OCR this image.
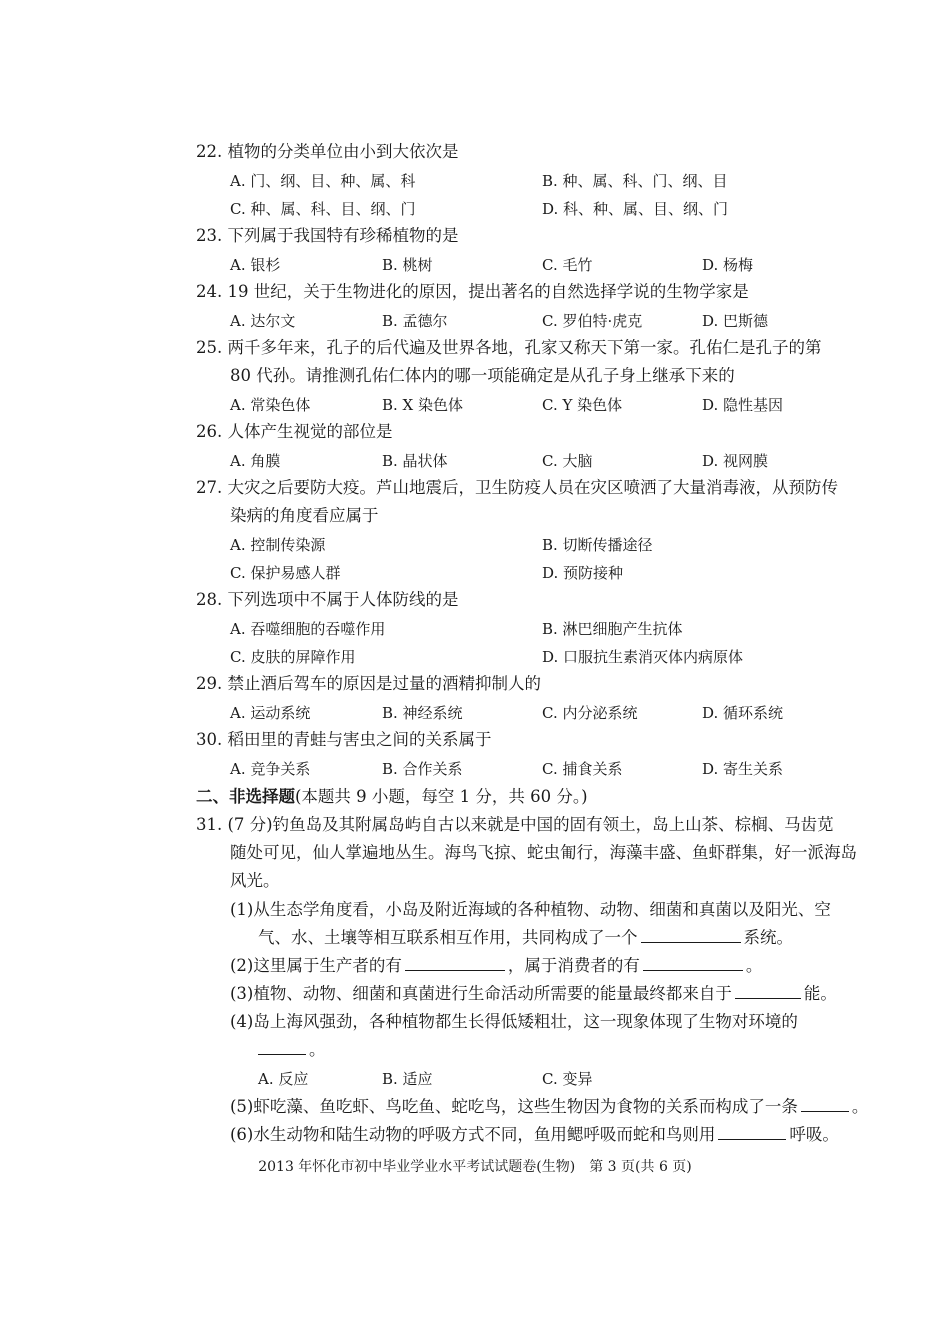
22. 植物的分类单位由小到大依次是
A. 门、纲、目、种、属、科	B. 种、属、科、门、纲、目
C. 种、属、科、目、纲、门	D. 科、种、属、目、纲、门
23. 下列属于我国特有珍稀植物的是
A. 银杉	B. 桃树	C. 毛竹	D. 杨梅
24. 19 世纪，关于生物进化的原因，提出著名的自然选择学说的生物学家是
A. 达尔文	B. 孟德尔	C. 罗伯特·虎克	D. 巴斯德
25. 两千多年来，孔子的后代遍及世界各地，孔家又称天下第一家。孔佑仁是孔子的第
80 代孙。请推测孔佑仁体内的哪一项能确定是从孔子身上继承下来的
A. 常染色体	B. X 染色体	C. Y 染色体	D. 隐性基因
26. 人体产生视觉的部位是
A. 角膜	B. 晶状体	C. 大脑	D. 视网膜
27. 大灾之后要防大疫。芦山地震后，卫生防疫人员在灾区喷洒了大量消毒液，从预防传
染病的角度看应属于
A. 控制传染源	B. 切断传播途径
C. 保护易感人群	D. 预防接种
28. 下列选项中不属于人体防线的是
A. 吞噬细胞的吞噬作用	B. 淋巴细胞产生抗体
C. 皮肤的屏障作用	D. 口服抗生素消灭体内病原体
29. 禁止酒后驾车的原因是过量的酒精抑制人的
A. 运动系统	B. 神经系统	C. 内分泌系统	D. 循环系统
30. 稻田里的青蛙与害虫之间的关系属于
A. 竞争关系	B. 合作关系	C. 捕食关系	D. 寄生关系
二、非选择题(本题共 9 小题，每空 1 分，共 60 分。)
31. (7 分)钓鱼岛及其附属岛屿自古以来就是中国的固有领土，岛上山茶、棕榈、马齿苋
随处可见，仙人掌遍地丛生。海鸟飞掠、蛇虫匍行，海藻丰盛、鱼虾群集，好一派海岛
风光。
(1)从生态学角度看，小岛及附近海域的各种植物、动物、细菌和真菌以及阳光、空
气、水、土壤等相互联系相互作用，共同构成了一个	系统。
(2)这里属于生产者的有	，属于消费者的有	。
(3)植物、动物、细菌和真菌进行生命活动所需要的能量最终都来自于	能。
(4)岛上海风强劲，各种植物都生长得低矮粗壮，这一现象体现了生物对环境的
。
A. 反应	B. 适应	C. 变异
(5)虾吃藻、鱼吃虾、鸟吃鱼、蛇吃鸟，这些生物因为食物的关系而构成了一条	。
(6)水生动物和陆生动物的呼吸方式不同，鱼用鳃呼吸而蛇和鸟则用	呼吸。
2013 年怀化市初中毕业学业水平考试试题卷(生物)　第 3 页(共 6 页)
